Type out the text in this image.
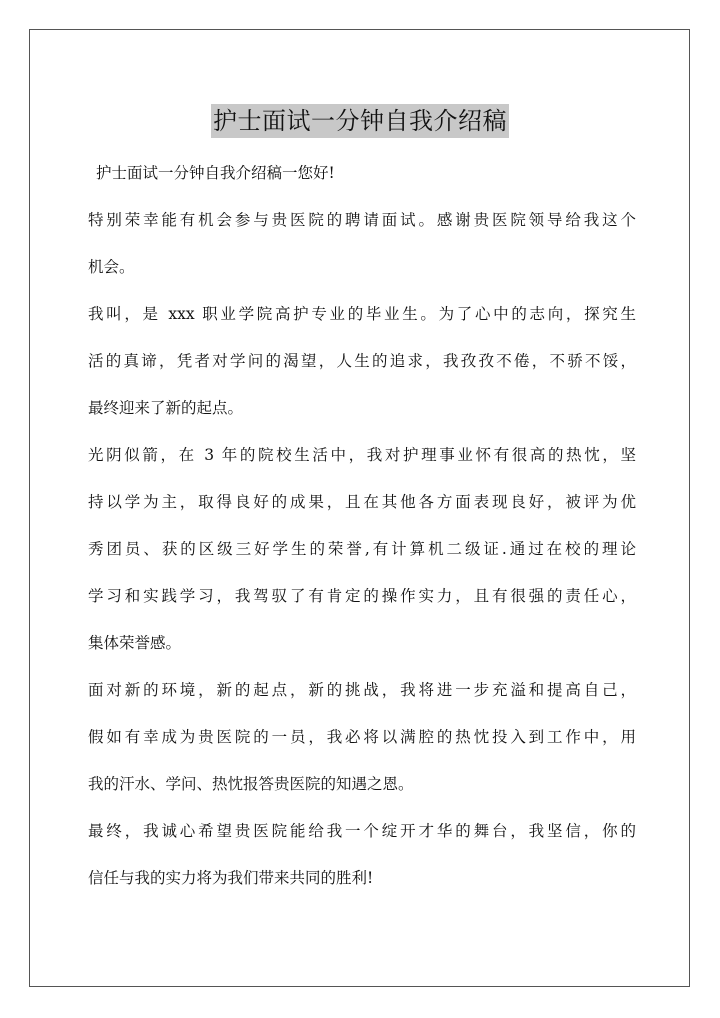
护士面试一分钟自我介绍稿

护士面试一分钟自我介绍稿一您好!

特别荣幸能有机会参与贵医院的聘请面试。感谢贵医院领导给我这个
机会。

我叫，是 xxx 职业学院高护专业的毕业生。为了心中的志向，探究生
活的真谛，凭者对学问的渴望，人生的追求，我孜孜不倦，不骄不馁，
最终迎来了新的起点。

光阴似箭，在 3 年的院校生活中，我对护理事业怀有很高的热忱，坚
持以学为主，取得良好的成果，且在其他各方面表现良好，被评为优
秀团员、获的区级三好学生的荣誉,有计算机二级证.通过在校的理论
学习和实践学习，我驾驭了有肯定的操作实力，且有很强的责任心，
集体荣誉感。

面对新的环境，新的起点，新的挑战，我将进一步充溢和提高自己，
假如有幸成为贵医院的一员，我必将以满腔的热忱投入到工作中，用
我的汗水、学问、热忱报答贵医院的知遇之恩。

最终，我诚心希望贵医院能给我一个绽开才华的舞台，我坚信，你的
信任与我的实力将为我们带来共同的胜利!
